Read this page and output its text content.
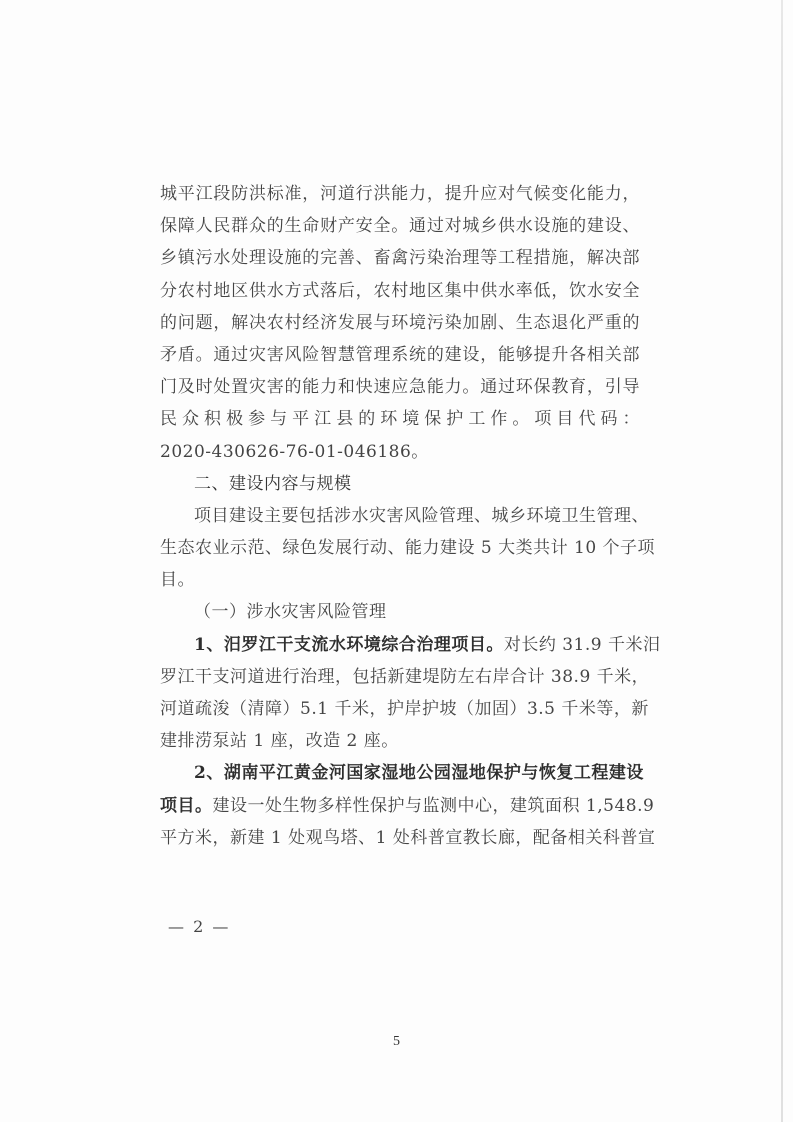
城平江段防洪标准，河道行洪能力，提升应对气候变化能力，
保障人民群众的生命财产安全。通过对城乡供水设施的建设、
乡镇污水处理设施的完善、畜禽污染治理等工程措施，解决部
分农村地区供水方式落后，农村地区集中供水率低，饮水安全
的问题，解决农村经济发展与环境污染加剧、生态退化严重的
矛盾。通过灾害风险智慧管理系统的建设，能够提升各相关部
门及时处置灾害的能力和快速应急能力。通过环保教育，引导
民众积极参与平江县的环境保护工作。项目代码：
2020-430626-76-01-046186。
二、建设内容与规模
项目建设主要包括涉水灾害风险管理、城乡环境卫生管理、
生态农业示范、绿色发展行动、能力建设 5 大类共计 10 个子项
目。
（一）涉水灾害风险管理
1、汨罗江干支流水环境综合治理项目。对长约 31.9 千米汨
罗江干支河道进行治理，包括新建堤防左右岸合计 38.9 千米，
河道疏浚（清障）5.1 千米，护岸护坡（加固）3.5 千米等，新
建排涝泵站 1 座，改造 2 座。
2、湖南平江黄金河国家湿地公园湿地保护与恢复工程建设
项目。建设一处生物多样性保护与监测中心，建筑面积 1,548.9
平方米，新建 1 处观鸟塔、1 处科普宣教长廊，配备相关科普宣
— 2 —
5
